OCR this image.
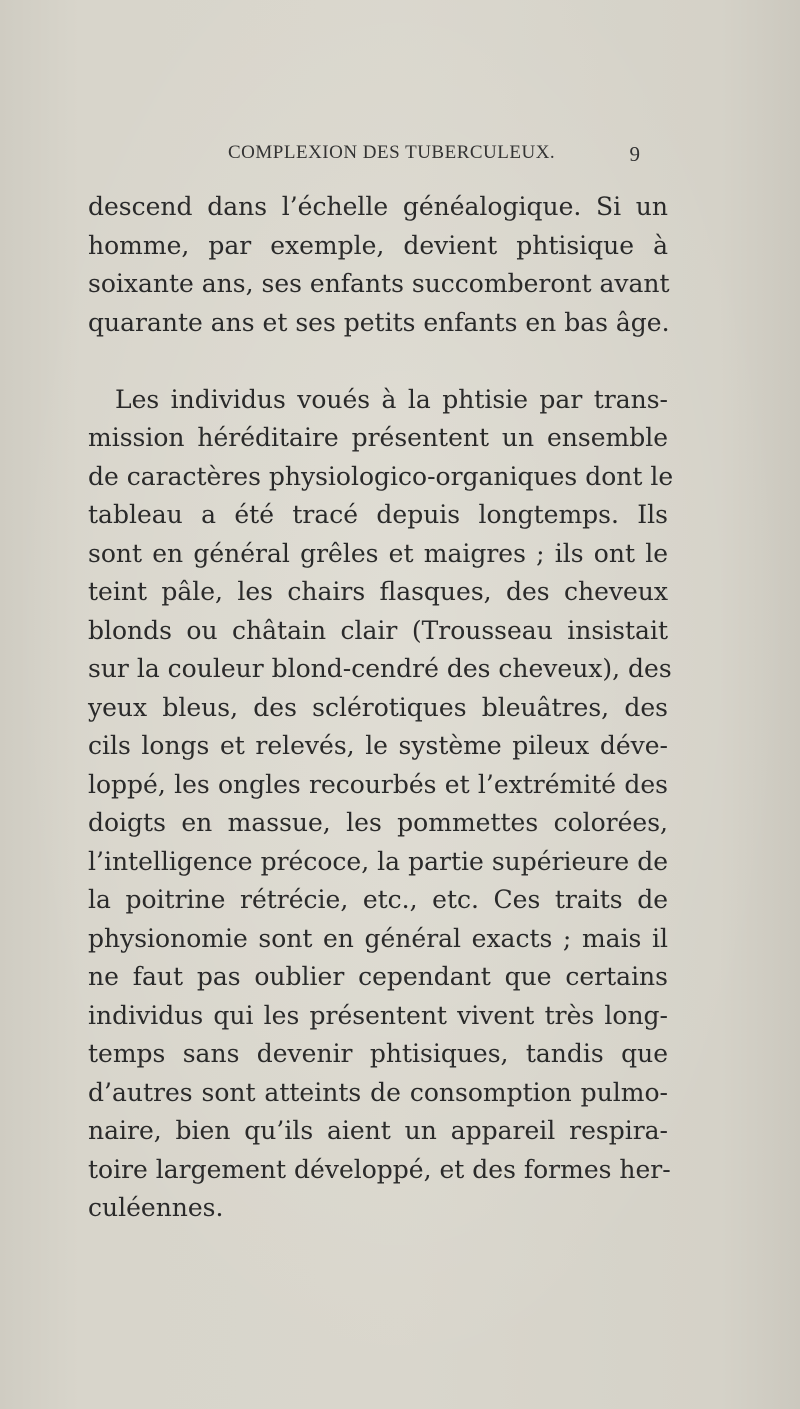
COMPLEXION DES TUBERCULEUX.	9
descend dans l’échelle généalogique. Si un
homme, par exemple, devient phtisique à
soixante ans, ses enfants succomberont avant
quarante ans et ses petits enfants en bas âge.
Les individus voués à la phtisie par trans-
mission héréditaire présentent un ensemble
de caractères physiologico-organiques dont le
tableau a été tracé depuis longtemps. Ils
sont en général grêles et maigres ; ils ont le
teint pâle, les chairs flasques, des cheveux
blonds ou châtain clair (Trousseau insistait
sur la couleur blond-cendré des cheveux), des
yeux bleus, des sclérotiques bleuâtres, des
cils longs et relevés, le système pileux déve-
loppé, les ongles recourbés et l’extrémité des
doigts en massue, les pommettes colorées,
l’intelligence précoce, la partie supérieure de
la poitrine rétrécie, etc., etc. Ces traits de
physionomie sont en général exacts ; mais il
ne faut pas oublier cependant que certains
individus qui les présentent vivent très long-
temps sans devenir phtisiques, tandis que
d’autres sont atteints de consomption pulmo-
naire, bien qu’ils aient un appareil respira-
toire largement développé, et des formes her-
culéennes.
